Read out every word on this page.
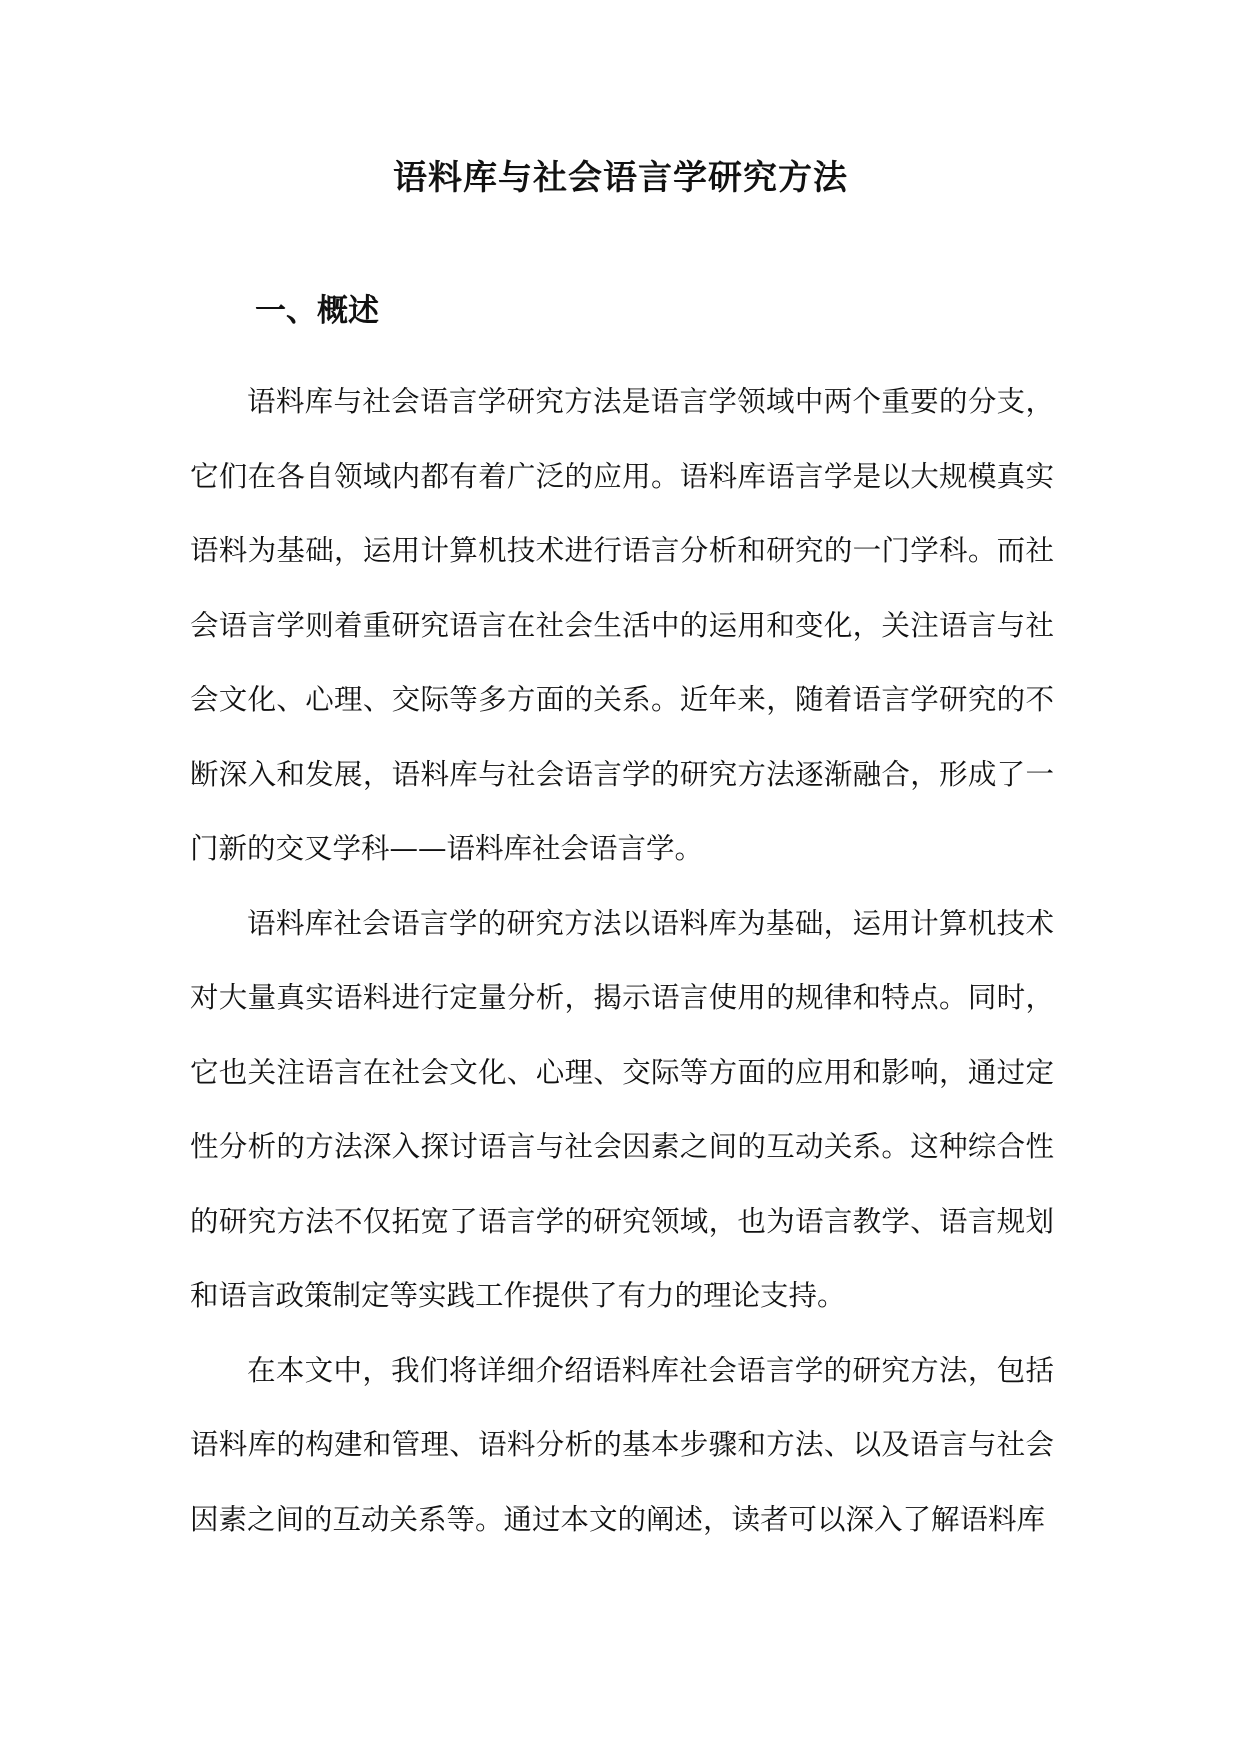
语料库与社会语言学研究方法
一、概述

语料库与社会语言学研究方法是语言学领域中两个重要的分支，它们在各自领域内都有着广泛的应用。语料库语言学是以大规模真实语料为基础，运用计算机技术进行语言分析和研究的一门学科。而社会语言学则着重研究语言在社会生活中的运用和变化，关注语言与社会文化、心理、交际等多方面的关系。近年来，随着语言学研究的不断深入和发展，语料库与社会语言学的研究方法逐渐融合，形成了一门新的交叉学科——语料库社会语言学。

语料库社会语言学的研究方法以语料库为基础，运用计算机技术对大量真实语料进行定量分析，揭示语言使用的规律和特点。同时，它也关注语言在社会文化、心理、交际等方面的应用和影响，通过定性分析的方法深入探讨语言与社会因素之间的互动关系。这种综合性的研究方法不仅拓宽了语言学的研究领域，也为语言教学、语言规划和语言政策制定等实践工作提供了有力的理论支持。

在本文中，我们将详细介绍语料库社会语言学的研究方法，包括语料库的构建和管理、语料分析的基本步骤和方法、以及语言与社会因素之间的互动关系等。通过本文的阐述，读者可以深入了解语料库
